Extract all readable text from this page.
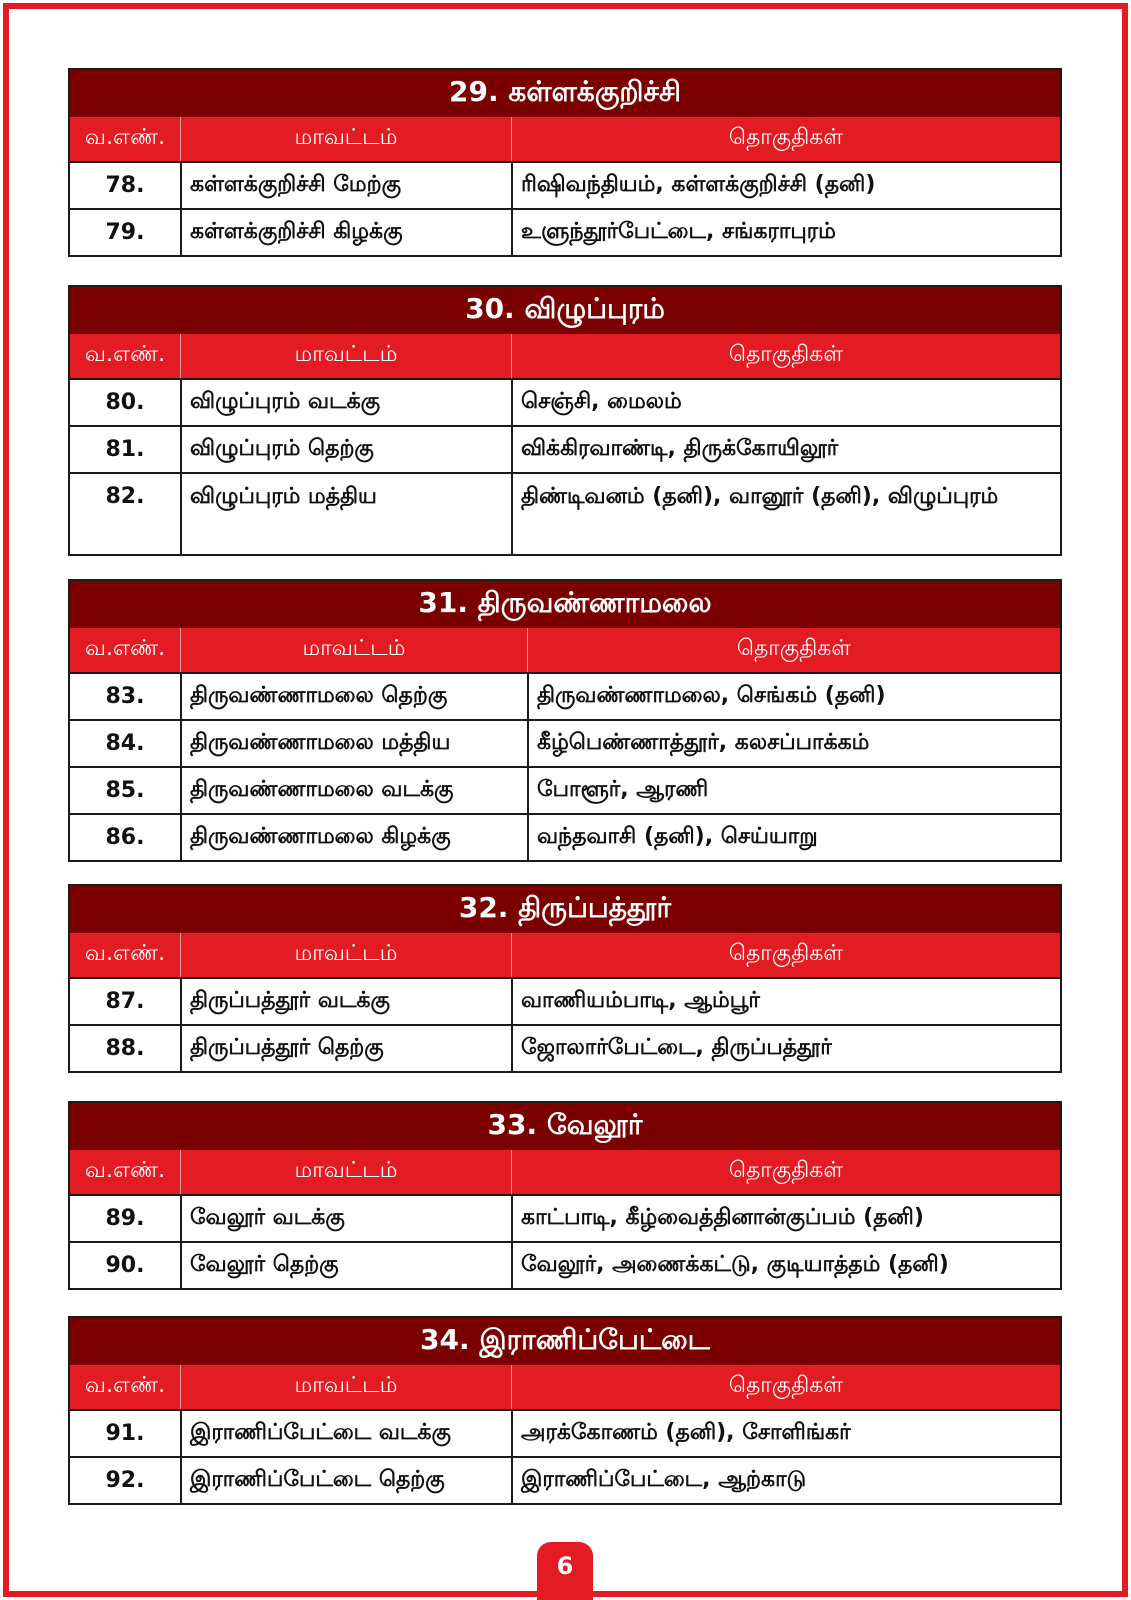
29. கள்ளக்குறிச்சி
வ.எண்.	மாவட்டம்	தொகுதிகள்
78.	கள்ளக்குறிச்சி மேற்கு	ரிஷிவந்தியம், கள்ளக்குறிச்சி (தனி)
79.	கள்ளக்குறிச்சி கிழக்கு	உளுந்தூர்பேட்டை, சங்கராபுரம்
30. விழுப்புரம்
வ.எண்.	மாவட்டம்	தொகுதிகள்
80.	விழுப்புரம் வடக்கு	செஞ்சி, மைலம்
81.	விழுப்புரம் தெற்கு	விக்கிரவாண்டி, திருக்கோயிலூர்
82.	விழுப்புரம் மத்திய	திண்டிவனம் (தனி), வானூர் (தனி), விழுப்புரம்
31. திருவண்ணாமலை
வ.எண்.	மாவட்டம்	தொகுதிகள்
83.	திருவண்ணாமலை தெற்கு	திருவண்ணாமலை, செங்கம் (தனி)
84.	திருவண்ணாமலை மத்திய	கீழ்பெண்ணாத்தூர், கலசப்பாக்கம்
85.	திருவண்ணாமலை வடக்கு	போளூர், ஆரணி
86.	திருவண்ணாமலை கிழக்கு	வந்தவாசி (தனி), செய்யாறு
32. திருப்பத்தூர்
வ.எண்.	மாவட்டம்	தொகுதிகள்
87.	திருப்பத்தூர் வடக்கு	வாணியம்பாடி, ஆம்பூர்
88.	திருப்பத்தூர் தெற்கு	ஜோலார்பேட்டை, திருப்பத்தூர்
33. வேலூர்
வ.எண்.	மாவட்டம்	தொகுதிகள்
89.	வேலூர் வடக்கு	காட்பாடி, கீழ்வைத்தினான்குப்பம் (தனி)
90.	வேலூர் தெற்கு	வேலூர், அணைக்கட்டு, குடியாத்தம் (தனி)
34. இராணிப்பேட்டை
வ.எண்.	மாவட்டம்	தொகுதிகள்
91.	இராணிப்பேட்டை வடக்கு	அரக்கோணம் (தனி), சோளிங்கர்
92.	இராணிப்பேட்டை தெற்கு	இராணிப்பேட்டை, ஆற்காடு
6
